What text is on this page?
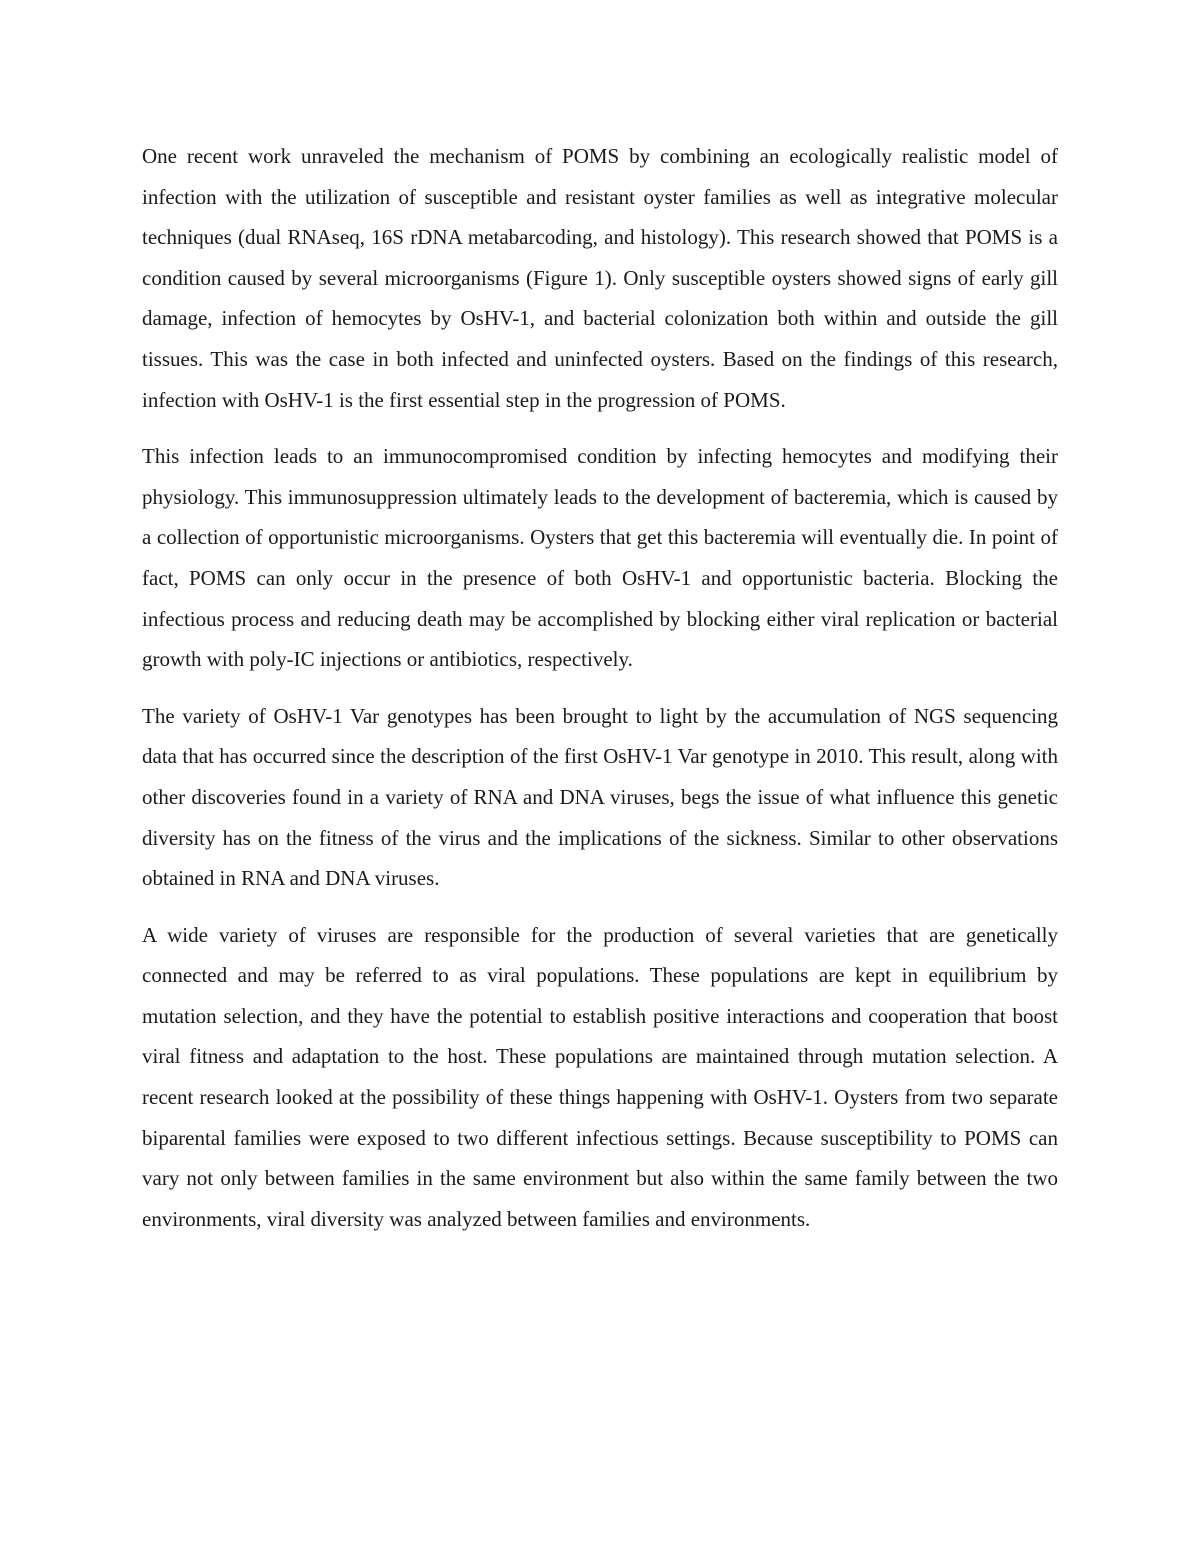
One recent work unraveled the mechanism of POMS by combining an ecologically realistic model of infection with the utilization of susceptible and resistant oyster families as well as integrative molecular techniques (dual RNAseq, 16S rDNA metabarcoding, and histology). This research showed that POMS is a condition caused by several microorganisms (Figure 1). Only susceptible oysters showed signs of early gill damage, infection of hemocytes by OsHV-1, and bacterial colonization both within and outside the gill tissues. This was the case in both infected and uninfected oysters. Based on the findings of this research, infection with OsHV-1 is the first essential step in the progression of POMS.

This infection leads to an immunocompromised condition by infecting hemocytes and modifying their physiology. This immunosuppression ultimately leads to the development of bacteremia, which is caused by a collection of opportunistic microorganisms. Oysters that get this bacteremia will eventually die. In point of fact, POMS can only occur in the presence of both OsHV-1 and opportunistic bacteria. Blocking the infectious process and reducing death may be accomplished by blocking either viral replication or bacterial growth with poly-IC injections or antibiotics, respectively.

The variety of OsHV-1 Var genotypes has been brought to light by the accumulation of NGS sequencing data that has occurred since the description of the first OsHV-1 Var genotype in 2010. This result, along with other discoveries found in a variety of RNA and DNA viruses, begs the issue of what influence this genetic diversity has on the fitness of the virus and the implications of the sickness. Similar to other observations obtained in RNA and DNA viruses.

A wide variety of viruses are responsible for the production of several varieties that are genetically connected and may be referred to as viral populations. These populations are kept in equilibrium by mutation selection, and they have the potential to establish positive interactions and cooperation that boost viral fitness and adaptation to the host. These populations are maintained through mutation selection. A recent research looked at the possibility of these things happening with OsHV-1. Oysters from two separate biparental families were exposed to two different infectious settings. Because susceptibility to POMS can vary not only between families in the same environment but also within the same family between the two environments, viral diversity was analyzed between families and environments.
